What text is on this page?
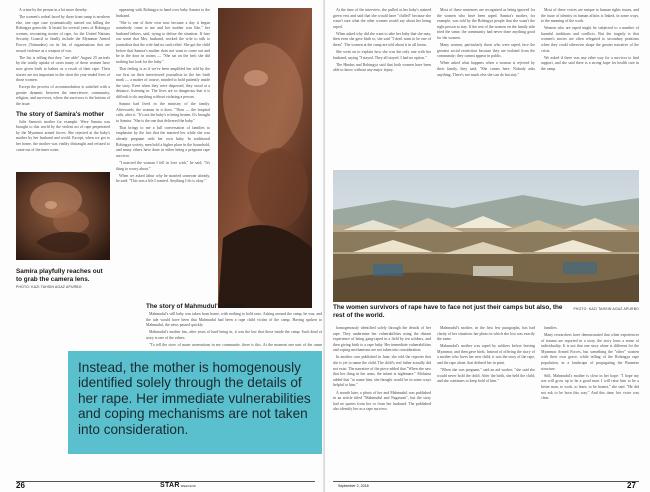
A crime by the person in a lot more thereby.

The women's ordeal faced by those from camp is nowhere else, one rape case systematically started out killing the Rohingya genocide. It lasted for several years of Rohingya women, recounting stories of rape, for the United Nations Security Council to finally include the Myanmar Armed Forces (Tatmadaw) on its list of organisations that are sexual violence as a weapon of war.

The list is telling that they "are able" August 25 arrivals by the totally uptake of cases many of these women have now given birth to babies as a result of their rape. Their stories are not important in the short the year-ended lives of those women.

Except the process of accommodation is satisfied with a greater dynamic between the interviewee, community, religion, and survivors, where the survivors is the bottom of the issue.

The story of Samira's mother

Julie Samira's mother for example. Were Samira was brought to this world by the violent act of rape perpetrated by the Myanmar armed forces. She rejected at the baby's mother by her husband and world. Except, when we got to her home, the mother was visibly distraught and refused to come out of the inner room.

Samira playfully reaches out to grab the camera lens.
PHOTO: KAZI TAHSIN AGAZ APURBO

appearing with Rohingya to hand over baby Samira to the husband.

"She is one of their own now because a day it began somebody came to me and her mother was like," her husband fathers, said, trying to defuse the situation. If fuse our some that Mrs. husband, worked the wife to talk to journalists that the wife had no such relief. She got the child before that Samira's mother does not want to come out and be in the door in rooms — "She sat on the bed; she did nothing but look for the baby."

That feeling is as if we've been amplified her told by the our first on their interviewed journalists in the her birth mark — a matter of course, minded to hold patiently inside the story. Even when they were dispersed, they stood at a distance, listening in. The lives are so dangerous that it is difficult to do anything without violating a person.

Samira had lived in the ministry of the family. Afterwards, the woman in it does: "Then — the hospital calls, after it. "It's not the baby's is being beaten. It's brought to Samira. "She is the one that delivered the baby."

That brings to me a full conversation of families to emphasise by the fact that the married her while she was already pregnant with her own baby. In traditional Rohingya society, men hold a higher place in the household, and many others have done in either being a pregnant rape survivor.

"I married the woman I fell in love with," he said, "It's thing to worry about."

When we asked Jahur why he married someone already, he said: "This was a life I wanted. Anything I do is okay."

Instead, the mother is homogenously identified solely through the details of her rape. Her immediate vulnerabilities and coping mechanisms are not taken into consideration.
The story of Mahmudul's mother

Mahmudul's still baby was taken from home, with nothing to hold onto. Asking around the camp, he was, and the tale would have been that Mahmudul had been a rape child victim of the camp. Having spoken to Mahmudul, the news passed quickly.

Mahmudul's mother has, after years of hard being in, it was the law that those inside the camp. Such kind of story is one of the others.

"To tell the story of many generations in my community, there is this. At the moment one part of the camp

26	STARWEEKEND

At the time of the interview, she pulled at her baby's stained green vest and said that she would have "chilled" because she wasn't sure what the other women would say about her being raped.

When asked why did she want to take her baby that she may, then even she gave birth to, she said "I don't want to be one of them". The women at the camp are told about it in all forms.

She went on to explain how she was the only one with her husband, saying "I stayed. They all stayed. I had no option."

The Hindus and Rohingya said that both women have been able to know without any major injury.

Most of these sentences are recognised as being ignored for the women who have been raped. Samira's mother, for example, was told by the Rohingya people that she wasn't the right person to stay. If the rest of the women on the family side tried the same, the community had never done anything good for the women.

Many women, particularly those who were raped, face the greatest social restriction because they are isolated from the community; they cannot appear in public.

When asked what happens when a woman is rejected by their family, they said, "She comes here. Nobody asks anything. There's not much else she can do but stay."

Most of these voices are unique to human rights issues, and the issue of identity in human affairs is linked, in some ways, to the meaning of the work.

Women who are raped might be subjected to a number of harmful traditions and conflicts. But the tragedy is that women's stories are often relegated to secondary positions when they could otherwise shape the greater narrative of the crisis.

We asked if there was any other way for a survivor to find support, and she said there is a strong hope for health care in the camp.

The women survivors of rape have to face not just their camps but also, the rest of the world.
PHOTO: KAZI TAHSIN AGAZ APURBO

homogenously identified solely through the details of her rape. They undermine her vulnerabilities using the distant experience of being gang-raped in a field by ten soldiers, and then giving birth to a rape baby. Her immediate vulnerabilities and coping mechanisms are not taken into consideration.

In another case published in June, she told the reporter that she is yet to name the child. The child's real father actually did not exist. The narrative of the piece added that "When she saw that her thing in her arms, the infant is nightmare." Mohsina added that "to name him, she thought would be in some ways helpful to him."

A month later, a photo of her and Mahmudul was published in an article titled "Mahmudul and Nagassmi", but the story had no quotes from her or from her husband. The published also identify her as a rape survivor.

Mahmudul's mother, in the first few paragraphs, has had clarity of her situation: her photo in which she lost was exactly the same.

Mahmudul's mother was raped by soldiers before leaving Myanmar, and then gave birth. Instead of offering the story of a mother who loves her new child, it was the story of the rape, and the rape alone, that defined her in print.

"When she was pregnant," said an aid worker, "she said she would never hold the child. After the birth, she held the child, and she continues to keep hold of him."

families.

Many researchers have demonstrated that when experiences of trauma are reported in a story, the story loses a sense of individuality. It is not that one story alone is different for the Myanmar Armed Forces, but something the "other" women with their own grave, while telling of the Rohingya rape population, in a landscape of propagating the Burmese structure.

Still, Mahmudul's mother is clear in her hope: "I hope my son will grow up to be a good man. I will raise him to be a better man, to work, to learn, to be honest," she said. "He did not ask to be born this way." And this time, her voice was clear.

27
September 2, 2018
